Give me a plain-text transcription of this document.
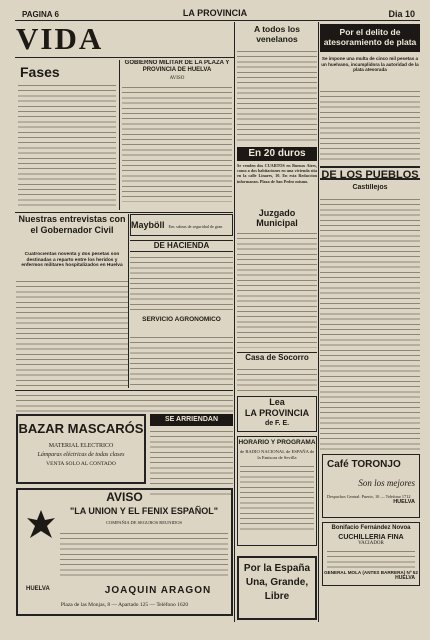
PAGINA 6	LA PROVINCIA	Dia 10
VIDA
Fases
GOBIERNO MILITAR DE LA PLAZA Y PROVINCIA DE HUELVA
AVISO
A todos los venelanos
Por el delito de atesoramiento de plata
Se impone una multa de cinco mil pesetas a un huelvano, incumplidora la autoridad de la plata atesorada
En 20 duros
Se venden dos CUARTOS en Buenos Aires, como a dos habitaciones en una vivienda sita en la calle Linares, 10. En esta Redaccion informaran. Plaza de San Pedro mismo.
DE LOS PUEBLOS
Castillejos
Juzgado Municipal
Nuestras entrevistas con el Gobernador Civil
Cuatrocientas noventa y dos pesetas son destinadas a reparto entre los heridos y enfermos militares hospitalizados en Huelva
Mayböll Enc sabras de seguridad de gran
DE HACIENDA
SERVICIO AGRONOMICO
Casa de Socorro
Lea
LA PROVINCIA
de F. E.
SE ARRIENDAN
BAZAR MASCARÓS
MATERIAL ELECTRICO
Lámparas eléctricas de todas clases
VENTA SOLO AL CONTADO
HORARIO Y PROGRAMA
de RADIO NACIONAL de ESPAÑA de la Emisora de Sevilla
AVISO
"LA UNION Y EL FENIX ESPAÑOL"
COMPAÑIA DE SEGUROS REUNIDOS
HUELVA	JOAQUIN ARAGON
Plaza de las Monjas, 8 — Apartado 125 — Teléfono 1620
Café TORONJO
Son los mejores
Despachos Central: Puerto, 10 — Telefono 1712
HUELVA
Bonifacio Fernández Novoa
CUCHILLERIA FINA
VACIADOR
GENERAL MOLA (ANTES BARRERA) Nº 52
HUELVA
Por la España
Una, Grande,
Libre
